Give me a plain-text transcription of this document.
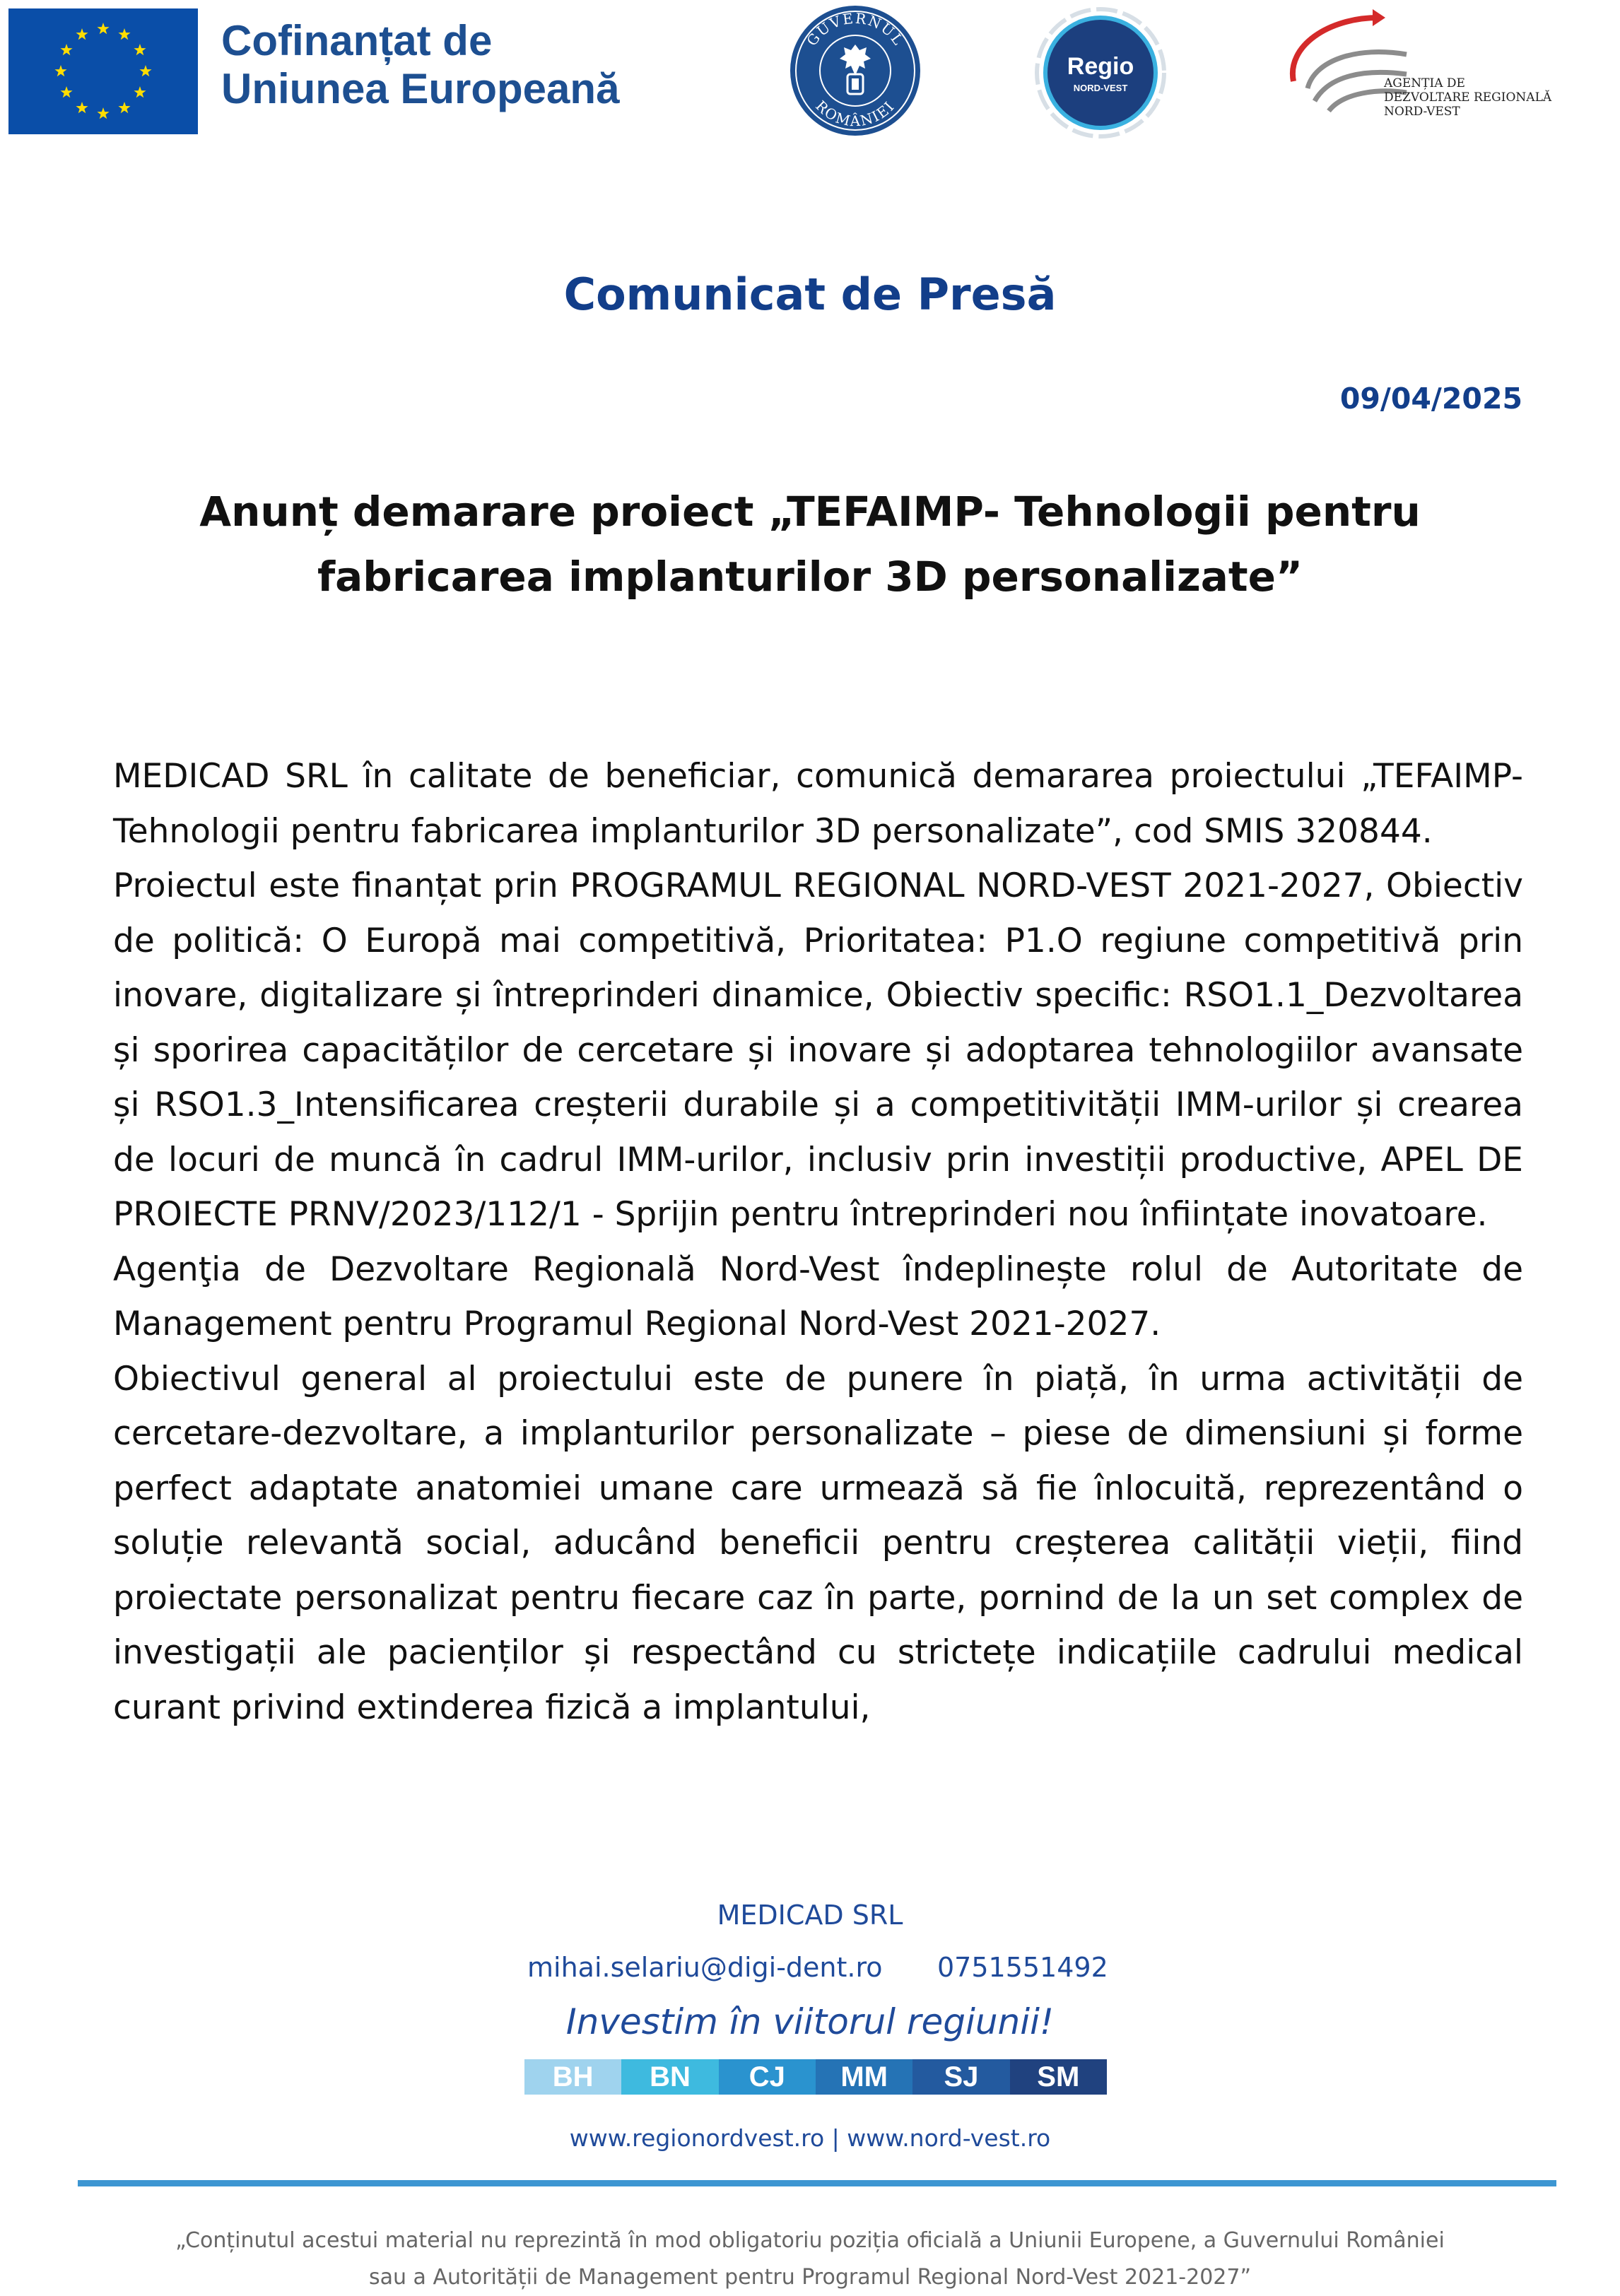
Cofinanțat de
Uniunea Europeană
GUVERNUL
ROMÂNIEI
Regio
NORD-VEST	AGENȚIA DE
DEZVOLTARE REGIONALĂ
NORD-VEST
Comunicat de Presă
09/04/2025
Anunț demarare proiect „TEFAIMP- Tehnologii pentru
fabricarea implanturilor 3D personalizate”

MEDICAD SRL în calitate de beneficiar, comunică demararea proiectului „TEFAIMP- Tehnologii pentru fabricarea implanturilor 3D personalizate”, cod SMIS 320844.

Proiectul este finanțat prin PROGRAMUL REGIONAL NORD-VEST 2021-2027, Obiectiv de politică: O Europă mai competitivă, Prioritatea: P1.O regiune competitivă prin inovare, digitalizare și întreprinderi dinamice, Obiectiv specific: RSO1.1_Dezvoltarea și sporirea capacităților de cercetare și inovare și adoptarea tehnologiilor avansate și RSO1.3_Intensificarea creșterii durabile și a competitivității IMM-urilor și crearea de locuri de muncă în cadrul IMM-urilor, inclusiv prin investiții productive, APEL DE PROIECTE PRNV/2023/112/1 - Sprijin pentru întreprinderi nou înființate inovatoare.

Agenţia de Dezvoltare Regională Nord-Vest îndeplinește rolul de Autoritate de Management pentru Programul Regional Nord-Vest 2021-2027.

Obiectivul general al proiectului este de punere în piață, în urma activității de cercetare-dezvoltare, a implanturilor personalizate – piese de dimensiuni și forme perfect adaptate anatomiei umane care urmează să fie înlocuită, reprezentând o soluție relevantă social, aducând beneficii pentru creșterea calității vieții, fiind proiectate personalizat pentru fiecare caz în parte, pornind de la un set complex de investigații ale pacienților și respectând cu strictețe indicațiile cadrului medical curant privind extinderea fizică a implantului,

MEDICAD SRL
mihai.selariu@digi-dent.ro 0751551492
Investim în viitorul regiunii!
BH	BN	CJ	MM	SJ	SM
www.regionordvest.ro | www.nord-vest.ro
„Conținutul acestui material nu reprezintă în mod obligatoriu poziția oficială a Uniunii Europene, a Guvernului României
sau a Autorității de Management pentru Programul Regional Nord-Vest 2021-2027”
